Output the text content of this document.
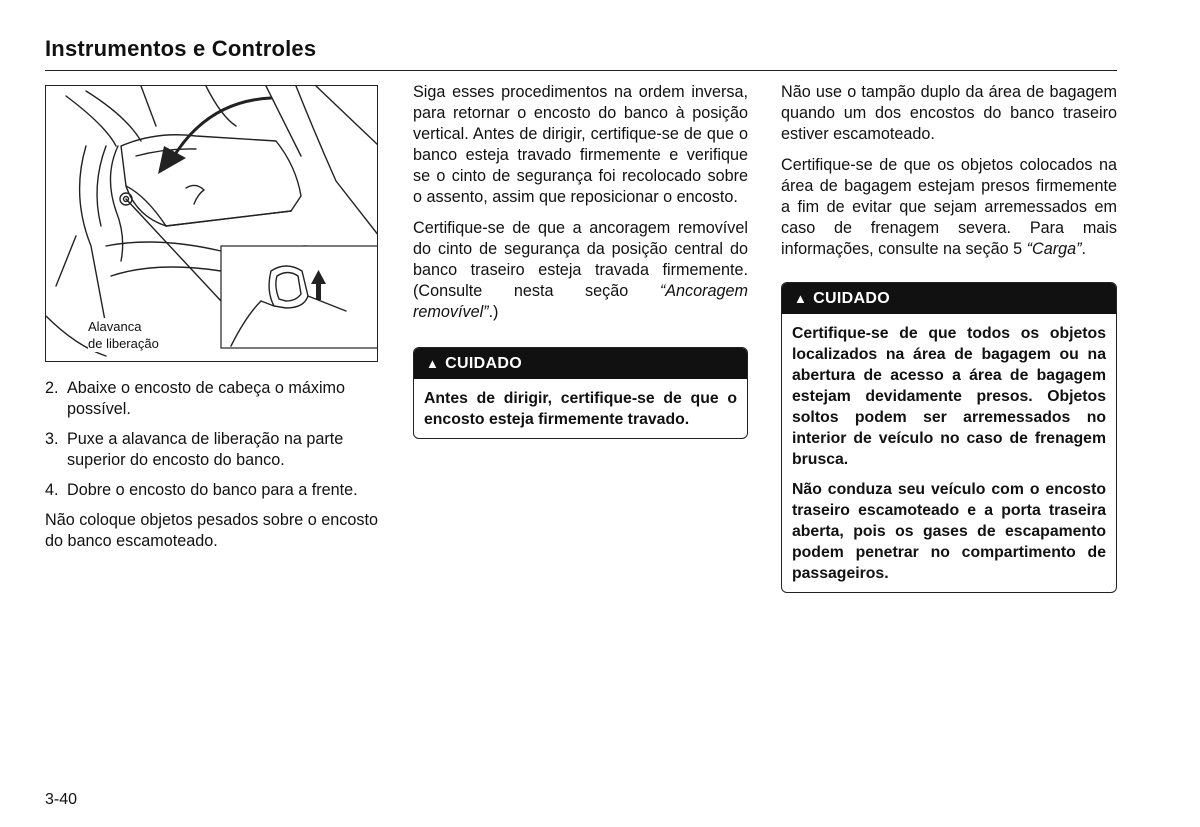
Instrumentos e Controles
Alavanca
de liberação
2. Abaixe o encosto de cabeça o máximo possível.
3. Puxe a alavanca de liberação na parte superior do encosto do banco.
4. Dobre o encosto do banco para a frente.

Não coloque objetos pesados sobre o encosto do banco escamoteado.

Siga esses procedimentos na ordem inversa, para retornar o encosto do banco à posição vertical. Antes de dirigir, certifique-se de que o banco esteja travado firmemente e verifique se o cinto de segurança foi recolocado sobre o assento, assim que reposicionar o encosto.

Certifique-se de que a ancoragem removível do cinto de segurança da posição central do banco traseiro esteja travada firmemente. (Consulte nesta seção “Ancoragem removível”.)

▲ CUIDADO

Antes de dirigir, certifique-se de que o encosto esteja firmemente travado.

Não use o tampão duplo da área de bagagem quando um dos encostos do banco traseiro estiver escamoteado.

Certifique-se de que os objetos colocados na área de bagagem estejam presos firmemente a fim de evitar que sejam arremessados em caso de frenagem severa. Para mais informações, consulte na seção 5 “Carga”.

▲ CUIDADO

Certifique-se de que todos os objetos localizados na área de bagagem ou na abertura de acesso a área de bagagem estejam devidamente presos. Objetos soltos podem ser arremessados no interior de veículo no caso de frenagem brusca.

Não conduza seu veículo com o encosto traseiro escamoteado e a porta traseira aberta, pois os gases de escapamento podem penetrar no compartimento de passageiros.

3-40
